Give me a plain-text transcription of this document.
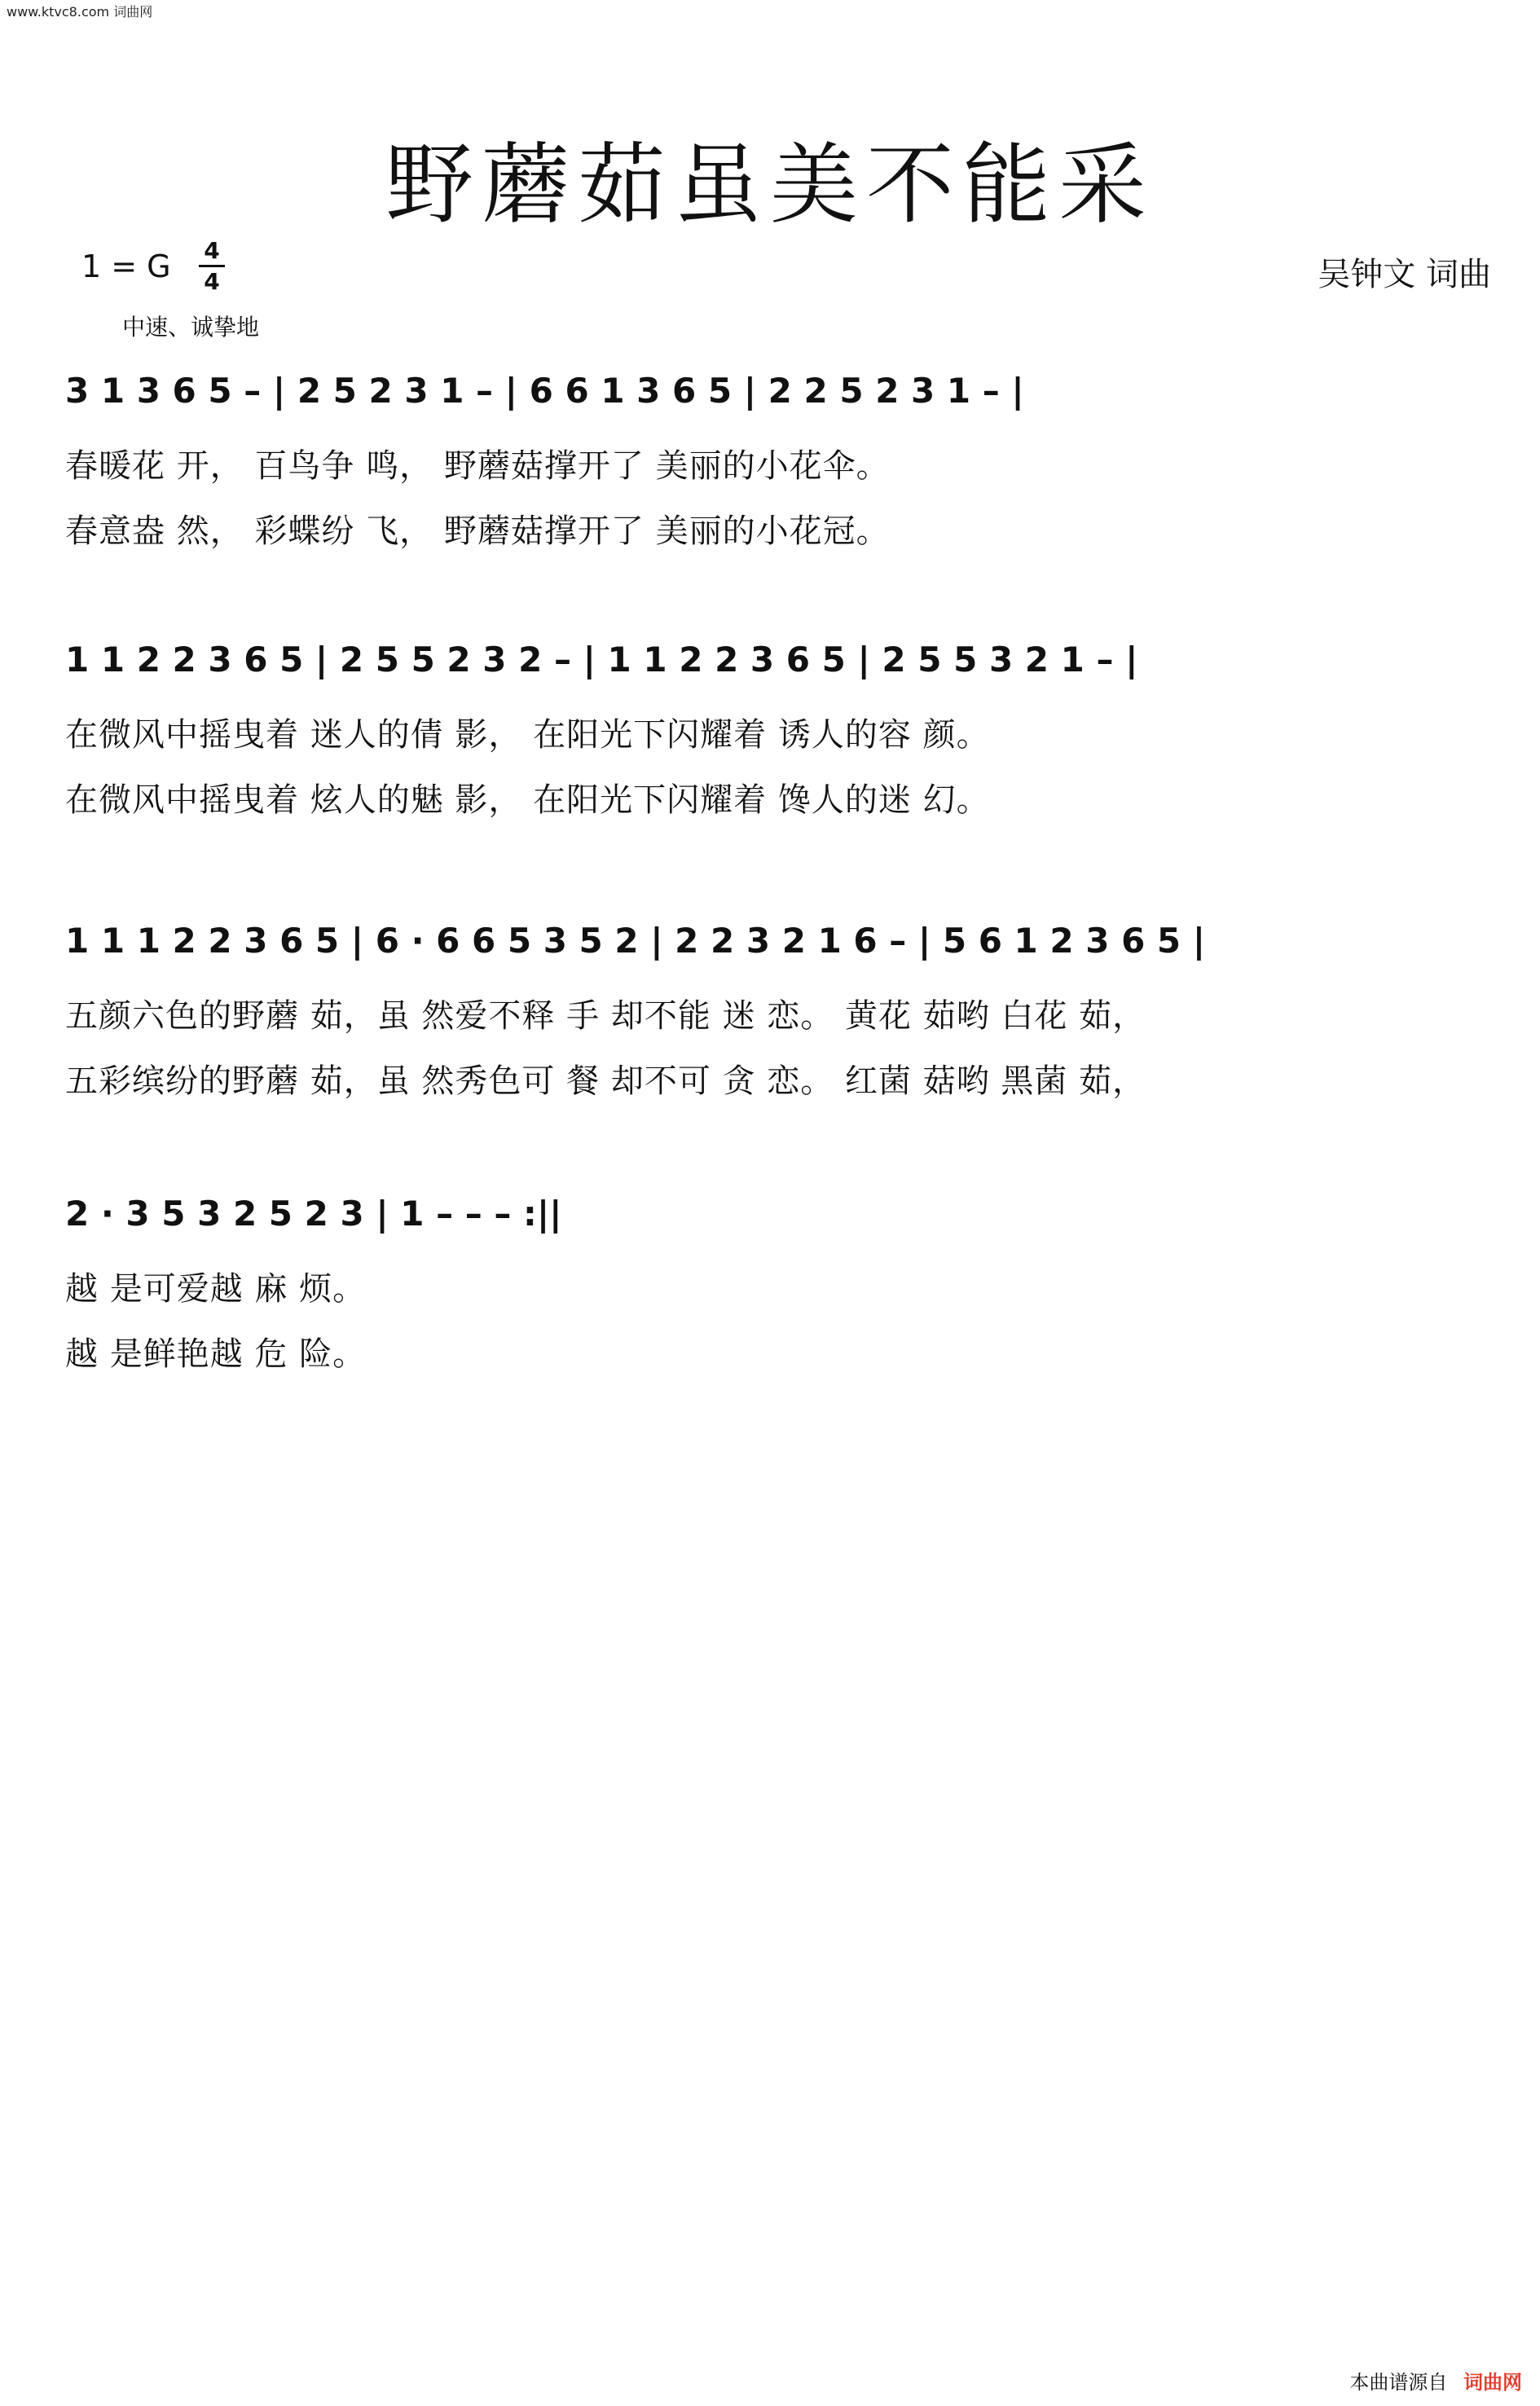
www.ktvc8.com 词曲网
野蘑茹虽美不能采
1 = G	4
4
中速、诚挚地
吴钟文 词曲
3 1 3 6 5 – | 2 5 2 3 1 – | 6 6 1 3 6 5 | 2 2 5 2 3 1 – |
春暖花 开， 百鸟争 鸣， 野蘑菇撑开了 美丽的小花伞。
春意盎 然， 彩蝶纷 飞， 野蘑菇撑开了 美丽的小花冠。
1 1 2 2 3 6 5 | 2 5 5 2 3 2 – | 1 1 2 2 3 6 5 | 2 5 5 3 2 1 – |
在微风中摇曳着 迷人的倩 影， 在阳光下闪耀着 诱人的容 颜。
在微风中摇曳着 炫人的魅 影， 在阳光下闪耀着 馋人的迷 幻。
1 1 1 2 2 3 6 5 | 6 · 6 6 5 3 5 2 | 2 2 3 2 1 6 – | 5 6 1 2 3 6 5 |
五颜六色的野蘑 茹，虽 然爱不释 手 却不能 迷 恋。 黄花 茹哟 白花 茹，
五彩缤纷的野蘑 茹，虽 然秀色可 餐 却不可 贪 恋。 红菌 菇哟 黑菌 茹，
2 · 3 5 3 2 5 2 3 | 1 – – – :||
越 是可爱越 麻 烦。
越 是鲜艳越 危 险。
本曲谱源自 词曲网
